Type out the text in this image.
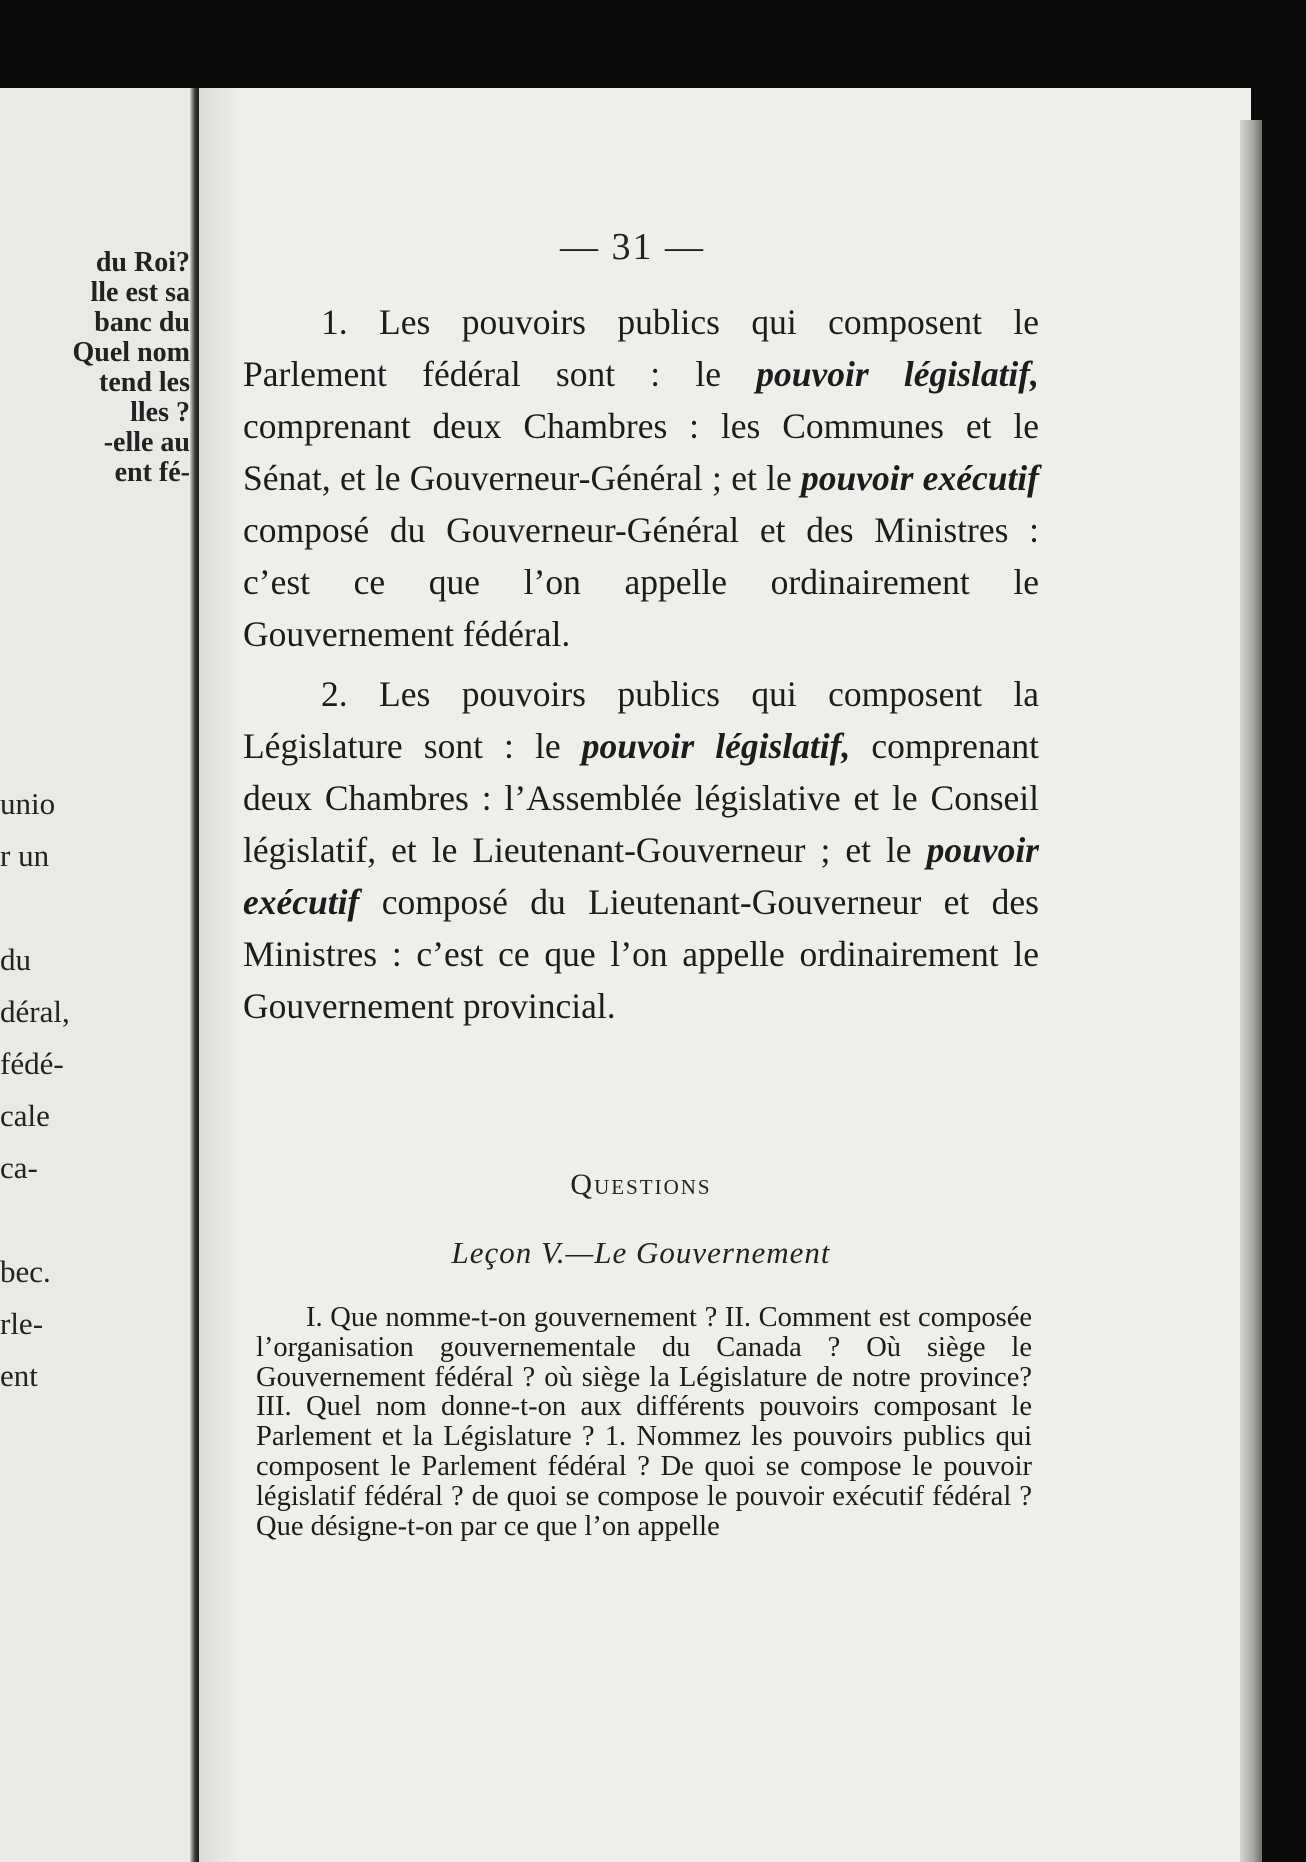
du Roi?
lle est sa
banc du
Quel nom
tend les
lles ?
-elle au
ent fé-
unio
r un

du
déral,
fédé-
cale
ca-

bec.
rle-
ent
— 31 —

1. Les pouvoirs publics qui composent le Parlement fédéral sont : le pouvoir législatif, comprenant deux Chambres : les Communes et le Sénat, et le Gouverneur-Général ; et le pouvoir exécutif composé du Gouverneur-Général et des Ministres : c’est ce que l’on appelle ordinairement le Gouvernement fédéral.

2. Les pouvoirs publics qui composent la Législature sont : le pouvoir législatif, comprenant deux Chambres : l’Assemblée législative et le Conseil législatif, et le Lieutenant-Gouverneur ; et le pouvoir exécutif composé du Lieutenant-Gouverneur et des Ministres : c’est ce que l’on appelle ordinairement le Gouvernement provincial.

Questions
Leçon V.—Le Gouvernement
I. Que nomme-t-on gouvernement ? II. Comment est composée l’organisation gouvernementale du Canada ? Où siège le Gouvernement fédéral ? où siège la Législature de notre province? III. Quel nom donne-t-on aux différents pouvoirs composant le Parlement et la Législature ? 1. Nommez les pouvoirs publics qui composent le Parlement fédéral ? De quoi se compose le pouvoir législatif fédéral ? de quoi se compose le pouvoir exécutif fédéral ? Que désigne-t-on par ce que l’on appelle
